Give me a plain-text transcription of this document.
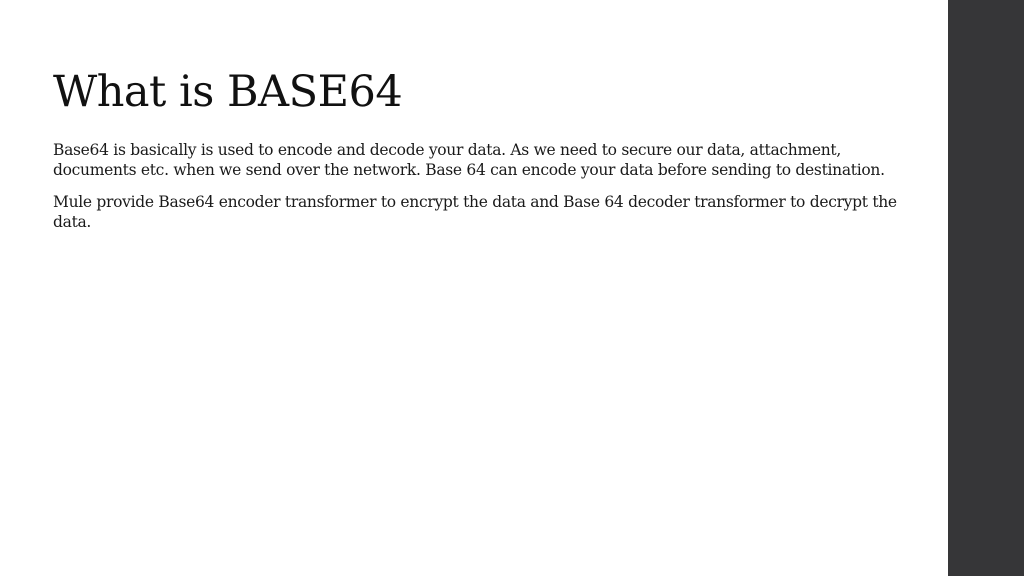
What is BASE64

Base64 is basically is used to encode and decode your data. As we need to secure our data, attachment, documents etc. when we send over the network. Base 64 can encode your data before sending to destination.

Mule provide Base64 encoder transformer to encrypt the data and Base 64 decoder transformer to decrypt the data.
